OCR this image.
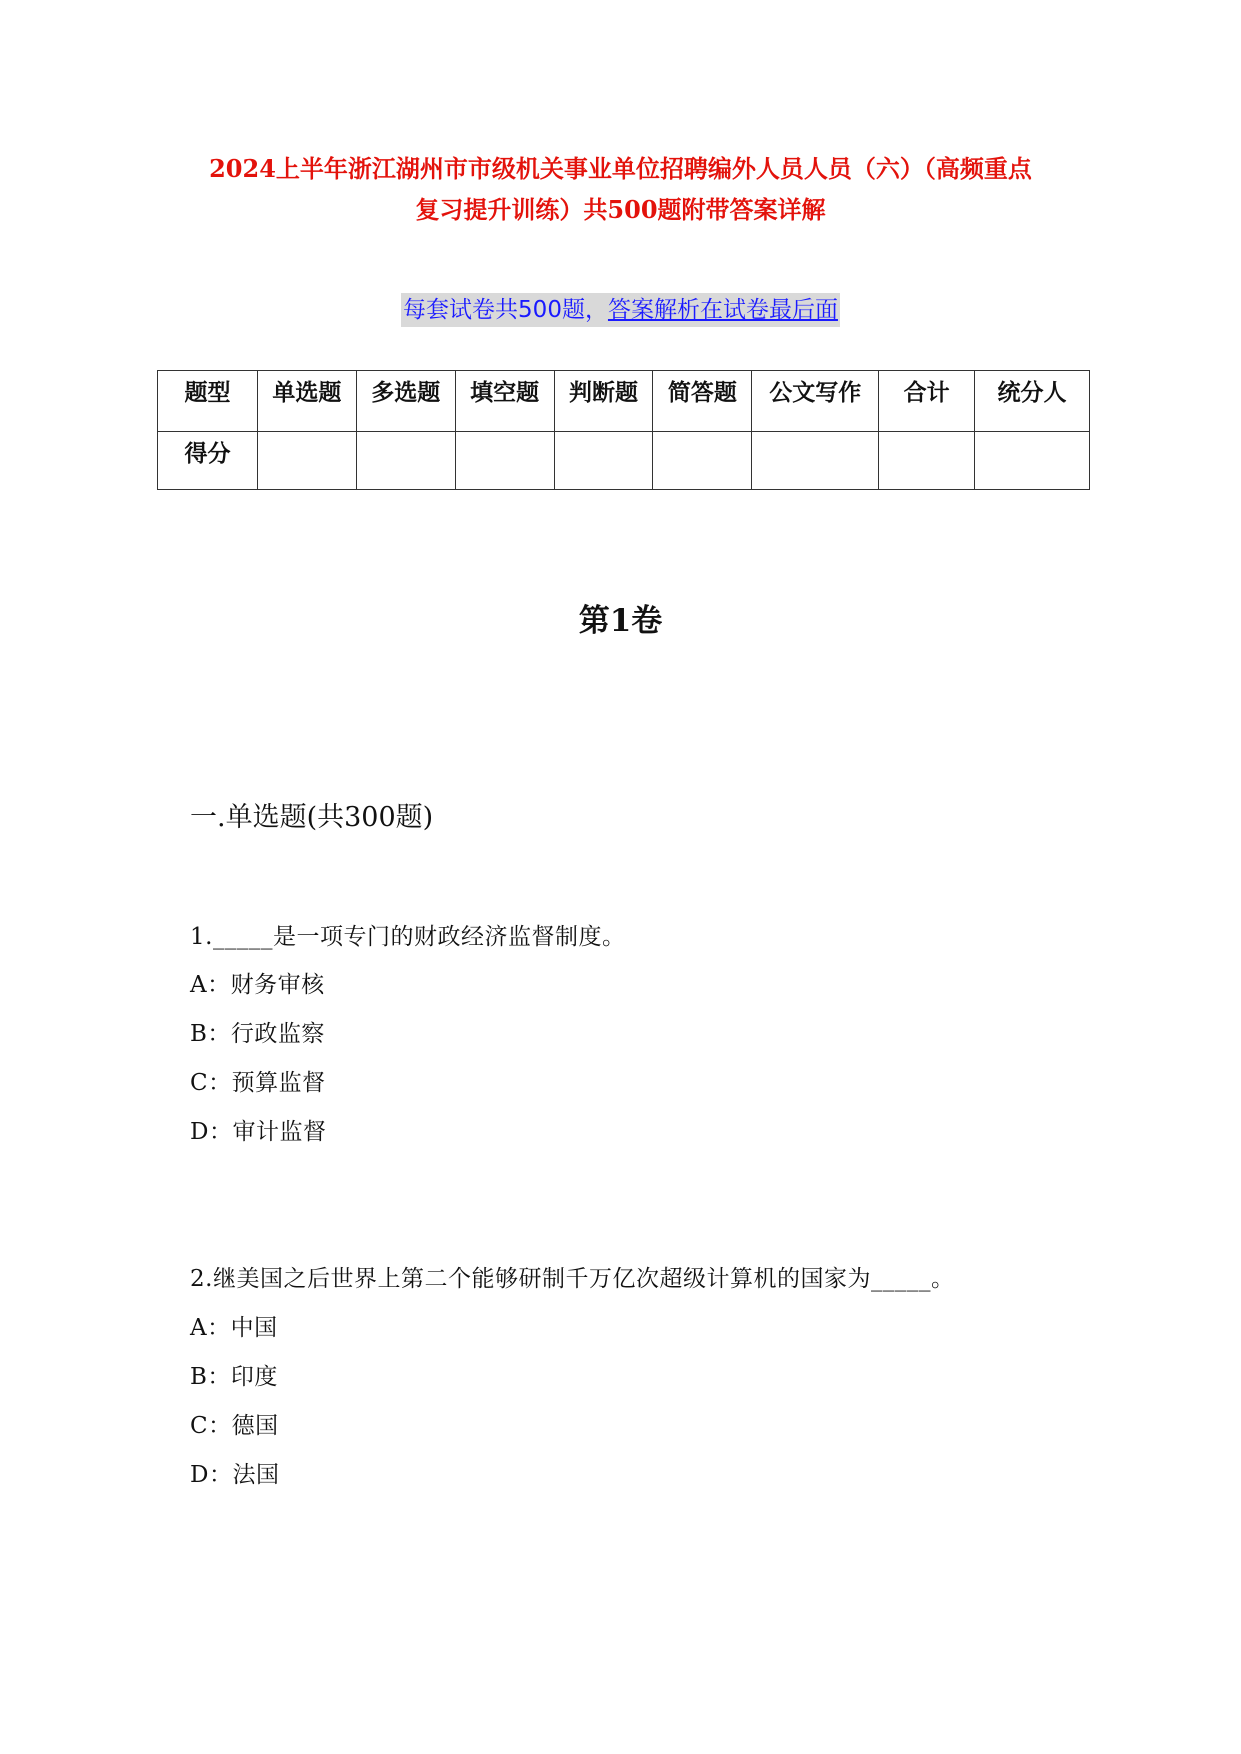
2024上半年浙江湖州市市级机关事业单位招聘编外人员人员（六）（高频重点
复习提升训练）共500题附带答案详解

每套试卷共500题，答案解析在试卷最后面
题型	单选题	多选题	填空题	判断题	简答题	公文写作	合计	统分人
得分								

第1卷

一.单选题(共300题)

1._____是一项专门的财政经济监督制度。

A：财务审核

B：行政监察

C：预算监督

D：审计监督

2.继美国之后世界上第二个能够研制千万亿次超级计算机的国家为_____。

A：中国

B：印度

C：德国

D：法国
